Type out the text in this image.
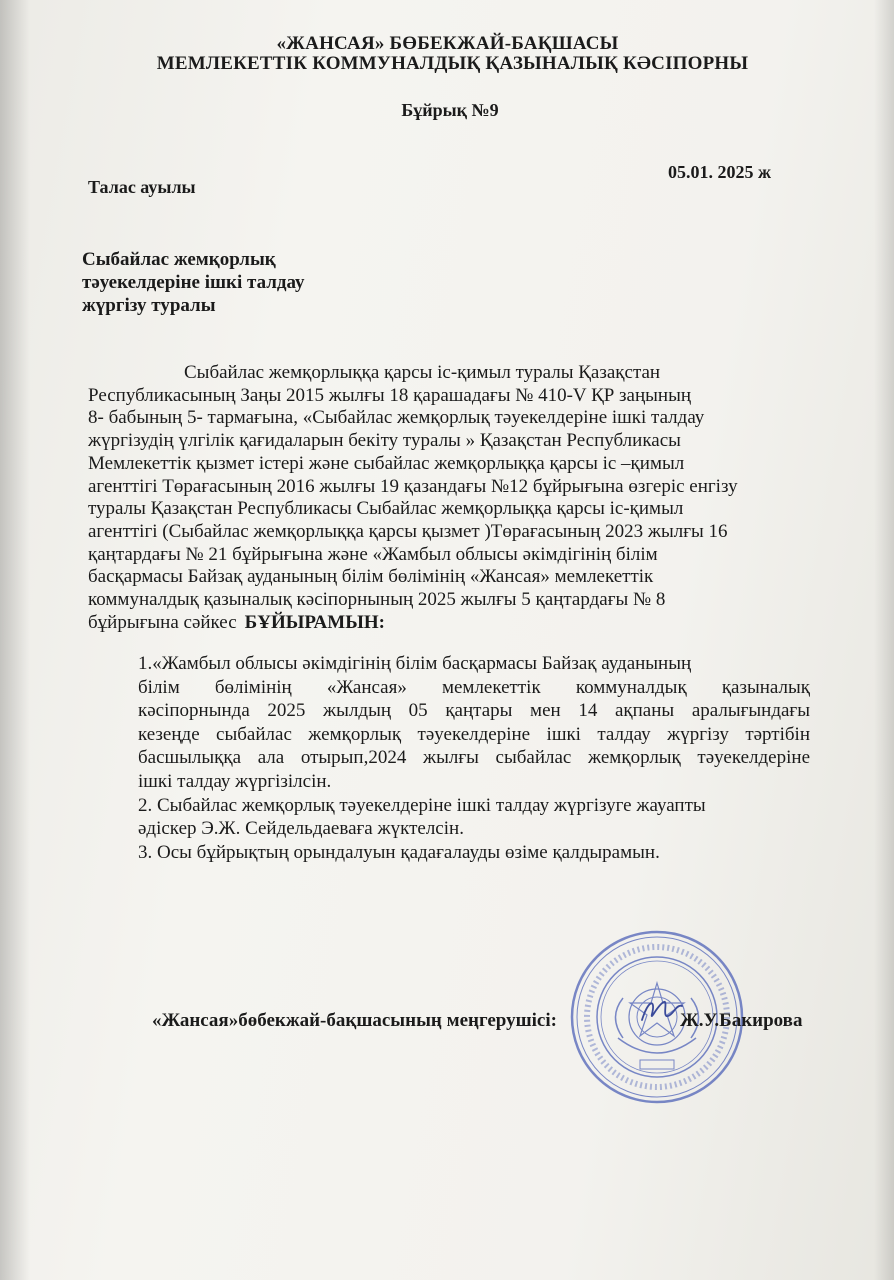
«ЖАНСАЯ» БӨБЕКЖАЙ-БАҚШАСЫ
МЕМЛЕКЕТТІК КОММУНАЛДЫҚ ҚАЗЫНАЛЫҚ КӘСІПОРНЫ
Бұйрық №9
Талас ауылы
05.01. 2025 ж
Сыбайлас жемқорлық
тәуекелдеріне ішкі талдау
жүргізу туралы
Сыбайлас жемқорлыққа қарсы іс-қимыл туралы Қазақстан
Республикасының Заңы 2015 жылғы 18 қарашадағы № 410-V ҚР заңының
8- бабының 5- тармағына, «Сыбайлас жемқорлық тәуекелдеріне ішкі талдау
жүргізудің үлгілік қағидаларын бекіту туралы » Қазақстан Республикасы
Мемлекеттік қызмет істері және сыбайлас жемқорлыққа қарсы іс –қимыл
агенттігі Төрағасының 2016 жылғы 19 қазандағы №12 бұйрығына өзгеріс енгізу
туралы Қазақстан Республикасы Сыбайлас жемқорлыққа қарсы іс-қимыл
агенттігі (Сыбайлас жемқорлыққа қарсы қызмет )Төрағасының 2023 жылғы 16
қаңтардағы № 21 бұйрығына және «Жамбыл облысы әкімдігінің білім
басқармасы Байзақ ауданының білім бөлімінің «Жансая» мемлекеттік
коммуналдық қазыналық кәсіпорнының 2025 жылғы 5 қаңтардағы № 8
бұйрығына сәйкес БҰЙЫРАМЫН:
1.«Жамбыл облысы әкімдігінің білім басқармасы Байзақ ауданының
білім бөлімінің «Жансая» мемлекеттік коммуналдық қазыналық
кәсіпорнында 2025 жылдың 05 қаңтары мен 14 ақпаны аралығындағы
кезеңде сыбайлас жемқорлық тәуекелдеріне ішкі талдау жүргізу тәртібін
басшылыққа ала отырып,2024 жылғы сыбайлас жемқорлық тәуекелдеріне
ішкі талдау жүргізілсін.
2. Сыбайлас жемқорлық тәуекелдеріне ішкі талдау жүргізуге жауапты
әдіскер Э.Ж. Сейдельдаеваға жүктелсін.
3. Осы бұйрықтың орындалуын қадағалауды өзіме қалдырамын.
«Жансая»бөбекжай-бақшасының меңгерушісі:	Ж.У.Бакирова
